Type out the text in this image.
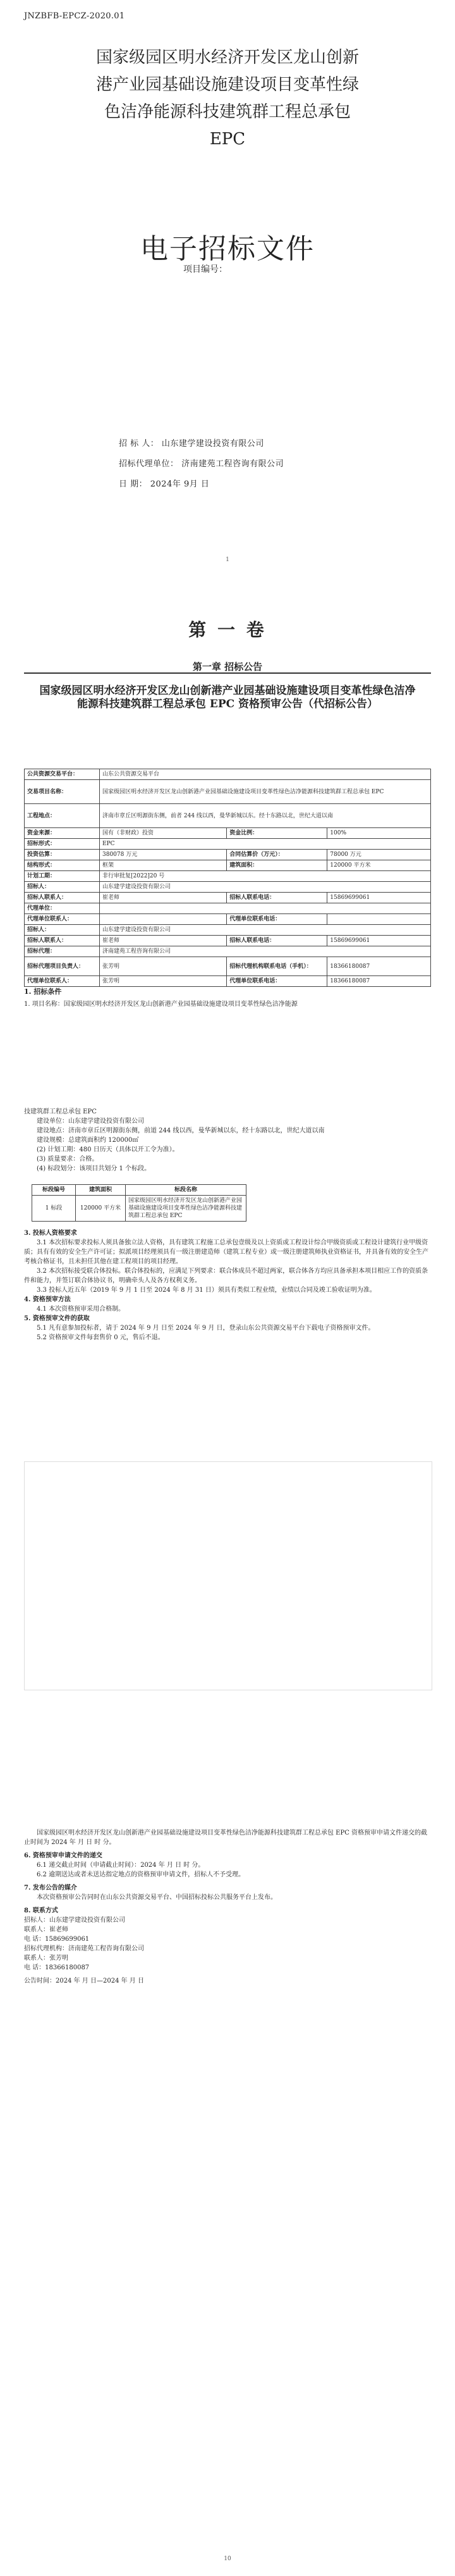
JNZBFB-EPCZ-2020.01
国家级园区明水经济开发区龙山创新
港产业园基础设施建设项目变革性绿
色洁净能源科技建筑群工程总承包
EPC
电子招标文件
项目编号：
招 标 人： 山东建学建设投资有限公司
招标代理单位： 济南建苑工程咨询有限公司
日 期： 2024年 9月 日
1
第 一 卷
第一章 招标公告
国家级园区明水经济开发区龙山创新港产业园基础设施建设项目变革性绿色洁净能源科技建筑群工程总承包 EPC 资格预审公告（代招标公告）
公共资源交易平台：	山东公共资源交易平台		
交易项目名称：	国家级园区明水经济开发区龙山创新港产业园基础设施建设项目变革性绿色洁净能源科技建筑群工程总承包 EPC		
工程地点：	济南市章丘区明源街东侧，前者 244 线以西，曼华新城以东。经十东路以北，世纪大道以南		
资金来源：	国有（非财政）投资	资金比例：	100%
招标形式：	EPC		
投资估算：	380078 万元	合同估算价（万元）：	78000 万元
结构形式：	框架	建筑面积：	120000 平方米
计划工期：	非行审批复[2022]20 号		
招标人：	山东建学建设投资有限公司		
招标人联系人：	崔老师	招标人联系电话：	15869699061
代理单位：			
代理单位联系人：		代理单位联系电话：	
招标人：	山东建学建设投资有限公司		
招标人联系人：	崔老师	招标人联系电话：	15869699061
招标代理：	济南建苑工程咨询有限公司		
招标代理项目负责人：	张芳明	招标代理机构联系电话（手机）：	18366180087
代理单位联系人：	张芳明	代理单位联系电话：	18366180087
1. 招标条件
1. 项目名称：国家级园区明水经济开发区龙山创新港产业园基础设施建设项目变革性绿色洁净能源
技建筑群工程总承包 EPC
建设单位：山东建学建设投资有限公司
建设地点：济南市章丘区明源街东侧，前道 244 线以西，曼华新城以东，经十东路以北，世纪大道以南
建设规模：总建筑面积约 120000㎡
(2) 计划工期：480 日历天（具体以开工令为准）。
(3) 质量要求：合格。
(4) 标段划分：该项目共划分 1 个标段。
标段编号	建筑面积	标段名称
1 标段	120000 平方米	国家级园区明水经济开发区龙山创新港产业园基础设施建设项目变革性绿色洁净能源科技建筑群工程总承包 EPC
3. 投标人资格要求
3.1 本次招标要求投标人须具备独立法人资格，具有建筑工程施工总承包壹级及以上资质或工程设计综合甲级资质或工程设计建筑行业甲级资质；具有有效的安全生产许可证；拟派项目经理须具有一级注册建造师（建筑工程专业）或一级注册建筑师执业资格证书，并具备有效的安全生产考核合格证书，且未担任其他在建工程项目的项目经理。
3.2 本次招标接受联合体投标。联合体投标的，应满足下列要求：联合体成员不超过两家，联合体各方均应具备承担本项目相应工作的资质条件和能力，并签订联合体协议书，明确牵头人及各方权利义务。
3.3 投标人近五年（2019 年 9 月 1 日至 2024 年 8 月 31 日）须具有类似工程业绩，业绩以合同及竣工验收证明为准。
4. 资格预审方法
4.1 本次资格预审采用合格制。
5. 资格预审文件的获取
5.1 凡有意参加投标者，请于 2024 年 9 月 日至 2024 年 9 月 日，登录山东公共资源交易平台下载电子资格预审文件。
5.2 资格预审文件每套售价 0 元，售后不退。
国家级园区明水经济开发区龙山创新港产业园基础设施建设项目变革性绿色洁净能源科技建筑群工程总承包 EPC 资格预审申请文件递交的截止时间为 2024 年 月 日 时 分。
6. 资格预审申请文件的递交
6.1 递交截止时间（申请截止时间）：2024 年 月 日 时 分。
6.2 逾期送达或者未送达指定地点的资格预审申请文件，招标人不予受理。
7. 发布公告的媒介
本次资格预审公告同时在山东公共资源交易平台、中国招标投标公共服务平台上发布。
8. 联系方式
招标人：山东建学建设投资有限公司
联系人：崔老师
电 话：15869699061
招标代理机构：济南建苑工程咨询有限公司
联系人：张芳明
电 话：18366180087
公告时间：2024 年 月 日—2024 年 月 日
10
